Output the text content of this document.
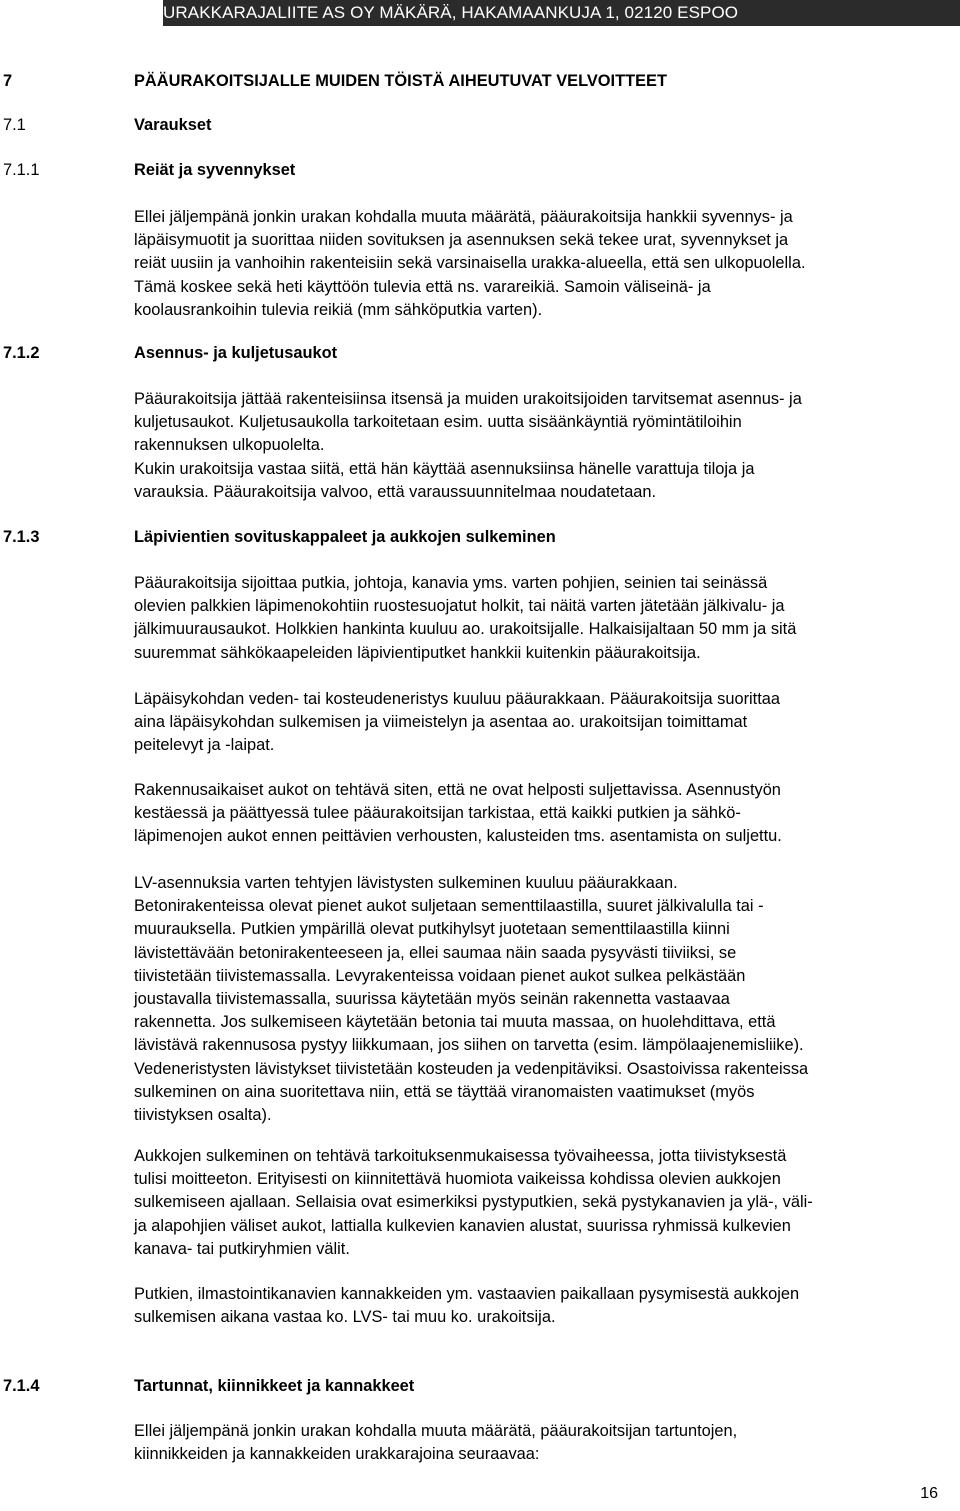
URAKKARAJALIITE AS OY MÄKÄRÄ, HAKAMAANKUJA 1, 02120 ESPOO
7	PÄÄURAKOITSIJALLE MUIDEN TÖISTÄ AIHEUTUVAT VELVOITTEET
7.1	Varaukset
7.1.1	Reiät ja syvennykset
Ellei jäljempänä jonkin urakan kohdalla muuta määrätä, pääurakoitsija hankkii syvennys- ja
läpäisymuotit ja suorittaa niiden sovituksen ja asennuksen sekä tekee urat, syvennykset ja
reiät uusiin ja vanhoihin rakenteisiin sekä varsinaisella urakka-alueella, että sen ulkopuolella.
Tämä koskee sekä heti käyttöön tulevia että ns. varareikiä. Samoin väliseinä- ja
koolausrankoihin tulevia reikiä (mm sähköputkia varten).
7.1.2	Asennus- ja kuljetusaukot
Pääurakoitsija jättää rakenteisiinsa itsensä ja muiden urakoitsijoiden tarvitsemat asennus- ja
kuljetusaukot. Kuljetusaukolla tarkoitetaan esim. uutta sisäänkäyntiä ryömintätiloihin
rakennuksen ulkopuolelta.
Kukin urakoitsija vastaa siitä, että hän käyttää asennuksiinsa hänelle varattuja tiloja ja
varauksia. Pääurakoitsija valvoo, että varaussuunnitelmaa noudatetaan.
7.1.3	Läpivientien sovituskappaleet ja aukkojen sulkeminen
Pääurakoitsija sijoittaa putkia, johtoja, kanavia yms. varten pohjien, seinien tai seinässä
olevien palkkien läpimenokohtiin ruostesuojatut holkit, tai näitä varten jätetään jälkivalu- ja
jälkimuurausaukot. Holkkien hankinta kuuluu ao. urakoitsijalle. Halkaisijaltaan 50 mm ja sitä
suuremmat sähkökaapeleiden läpivientiputket hankkii kuitenkin pääurakoitsija.
Läpäisykohdan veden- tai kosteudeneristys kuuluu pääurakkaan. Pääurakoitsija suorittaa
aina läpäisykohdan sulkemisen ja viimeistelyn ja asentaa ao. urakoitsijan toimittamat
peitelevyt ja -laipat.
Rakennusaikaiset aukot on tehtävä siten, että ne ovat helposti suljettavissa. Asennustyön
kestäessä ja päättyessä tulee pääurakoitsijan tarkistaa, että kaikki putkien ja sähkö-
läpimenojen aukot ennen peittävien verhousten, kalusteiden tms. asentamista on suljettu.
LV-asennuksia varten tehtyjen lävistysten sulkeminen kuuluu pääurakkaan.
Betonirakenteissa olevat pienet aukot suljetaan sementtilaastilla, suuret jälkivalulla tai -
muurauksella. Putkien ympärillä olevat putkihylsyt juotetaan sementtilaastilla kiinni
lävistettävään betonirakenteeseen ja, ellei saumaa näin saada pysyvästi tiiviiksi, se
tiivistetään tiivistemassalla. Levyrakenteissa voidaan pienet aukot sulkea pelkästään
joustavalla tiivistemassalla, suurissa käytetään myös seinän rakennetta vastaavaa
rakennetta. Jos sulkemiseen käytetään betonia tai muuta massaa, on huolehdittava, että
lävistävä rakennusosa pystyy liikkumaan, jos siihen on tarvetta (esim. lämpölaajenemisliike).
Vedeneristysten lävistykset tiivistetään kosteuden ja vedenpitäviksi. Osastoivissa rakenteissa
sulkeminen on aina suoritettava niin, että se täyttää viranomaisten vaatimukset (myös
tiivistyksen osalta).
Aukkojen sulkeminen on tehtävä tarkoituksenmukaisessa työvaiheessa, jotta tiivistyksestä
tulisi moitteeton. Erityisesti on kiinnitettävä huomiota vaikeissa kohdissa olevien aukkojen
sulkemiseen ajallaan. Sellaisia ovat esimerkiksi pystyputkien, sekä pystykanavien ja ylä-, väli-
ja alapohjien väliset aukot, lattialla kulkevien kanavien alustat, suurissa ryhmissä kulkevien
kanava- tai putkiryhmien välit.
Putkien, ilmastointikanavien kannakkeiden ym. vastaavien paikallaan pysymisestä aukkojen
sulkemisen aikana vastaa ko. LVS- tai muu ko. urakoitsija.
7.1.4	Tartunnat, kiinnikkeet ja kannakkeet
Ellei jäljempänä jonkin urakan kohdalla muuta määrätä, pääurakoitsijan tartuntojen,
kiinnikkeiden ja kannakkeiden urakkarajoina seuraavaa:
16
